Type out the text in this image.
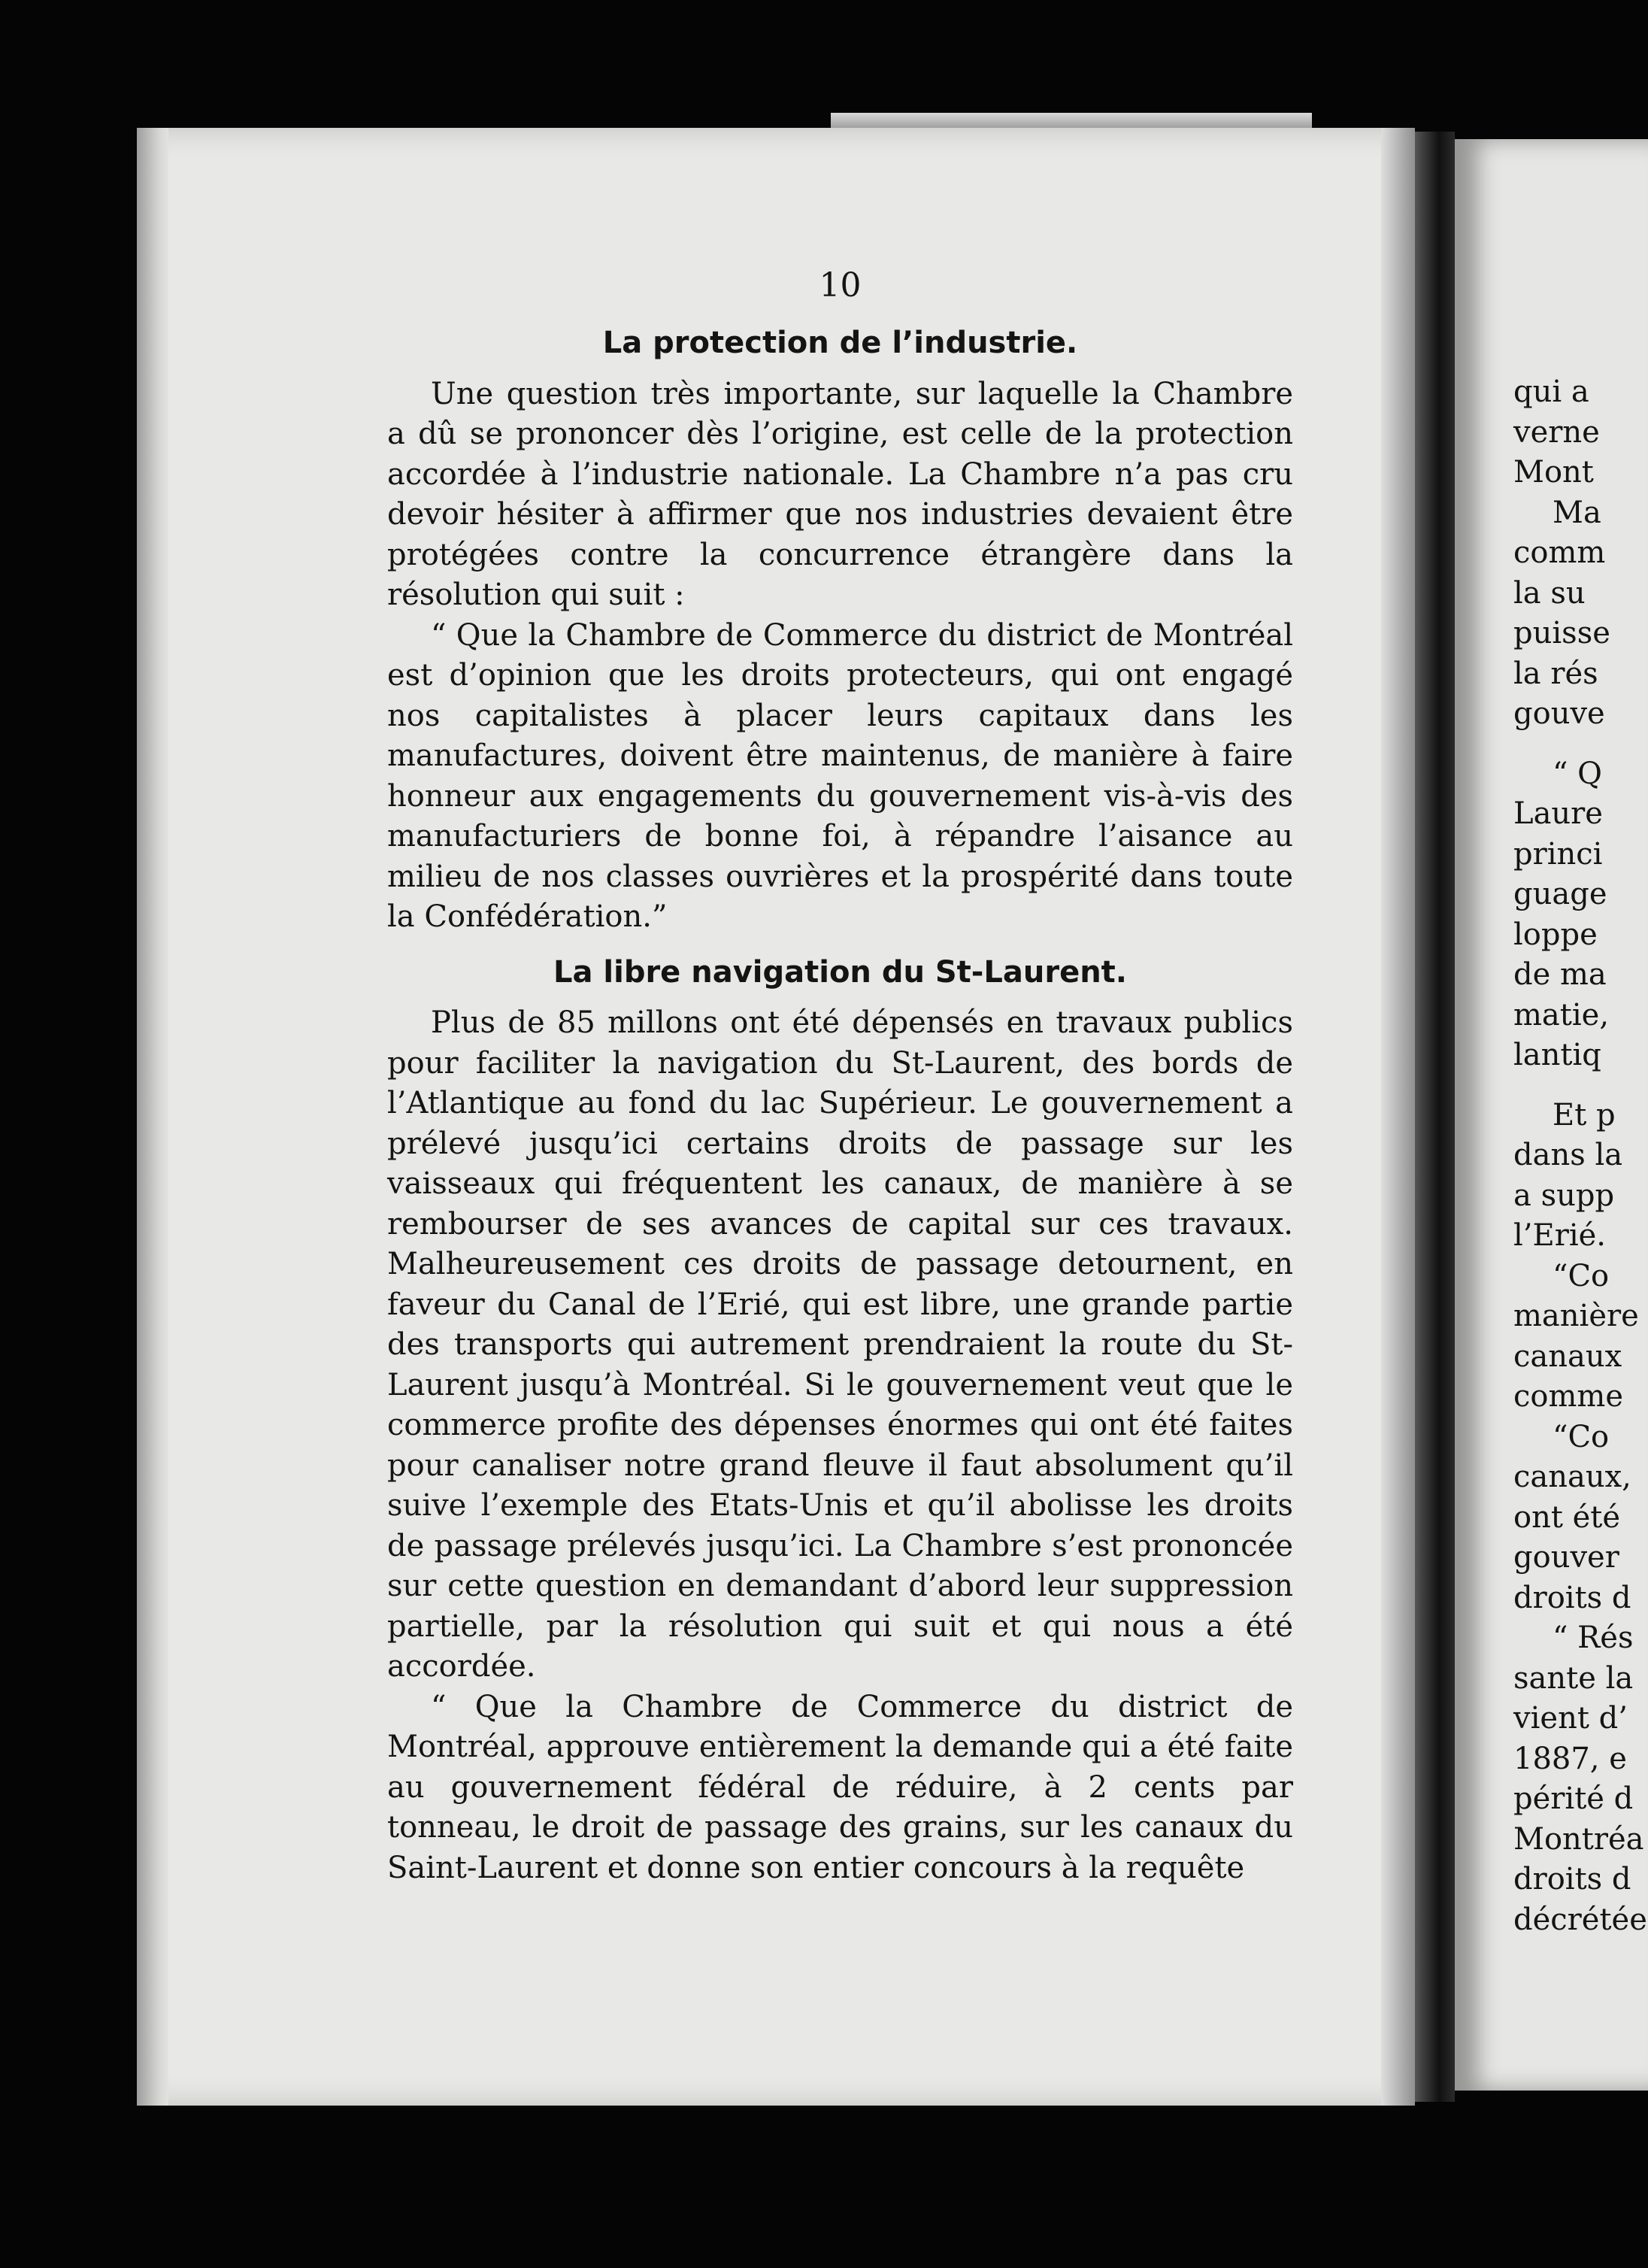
10
La protection de l’industrie.

Une question très importante, sur laquelle la Chambre a dû se prononcer dès l’origine, est celle de la protection accordée à l’industrie nationale. La Chambre n’a pas cru devoir hésiter à affirmer que nos industries devaient être protégées contre la concurrence étrangère dans la résolution qui suit :

“ Que la Chambre de Commerce du district de Montréal est d’opinion que les droits protecteurs, qui ont engagé nos capitalistes à placer leurs capitaux dans les manufactures, doivent être maintenus, de manière à faire honneur aux engagements du gouvernement vis-à-vis des manufacturiers de bonne foi, à répandre l’aisance au milieu de nos classes ouvrières et la prospérité dans toute la Confédération.”

La libre navigation du St-Laurent.

Plus de 85 millons ont été dépensés en travaux publics pour faciliter la navigation du St-Laurent, des bords de l’Atlantique au fond du lac Supérieur. Le gouvernement a prélevé jusqu’ici certains droits de passage sur les vaisseaux qui fréquentent les canaux, de manière à se rembourser de ses avances de capital sur ces travaux. Malheureusement ces droits de passage detournent, en faveur du Canal de l’Erié, qui est libre, une grande partie des transports qui autrement prendraient la route du St-Laurent jusqu’à Montréal. Si le gouvernement veut que le commerce profite des dépenses énormes qui ont été faites pour canaliser notre grand fleuve il faut absolument qu’il suive l’exemple des Etats-Unis et qu’il abolisse les droits de passage prélevés jusqu’ici. La Chambre s’est prononcée sur cette question en demandant d’abord leur suppression partielle, par la résolution qui suit et qui nous a été accordée.

“ Que la Chambre de Commerce du district de Montréal, approuve entièrement la demande qui a été faite au gouvernement fédéral de réduire, à 2 cents par tonneau, le droit de passage des grains, sur les canaux du Saint-Laurent et donne son entier concours à la requête

qui a
verne
Mont
Ma
comm
la su
puisse
la rés
gouve
“ Q
Laure
princi
guage
loppe
de ma
matie,
lantiq
Et p
dans la
a supp
l’Erié.
“Co
manière
canaux
comme
“Co
canaux,
ont été
gouver
droits d
“ Rés
sante la
vient d’
1887, e
périté d
Montréa
droits d
décrétée
